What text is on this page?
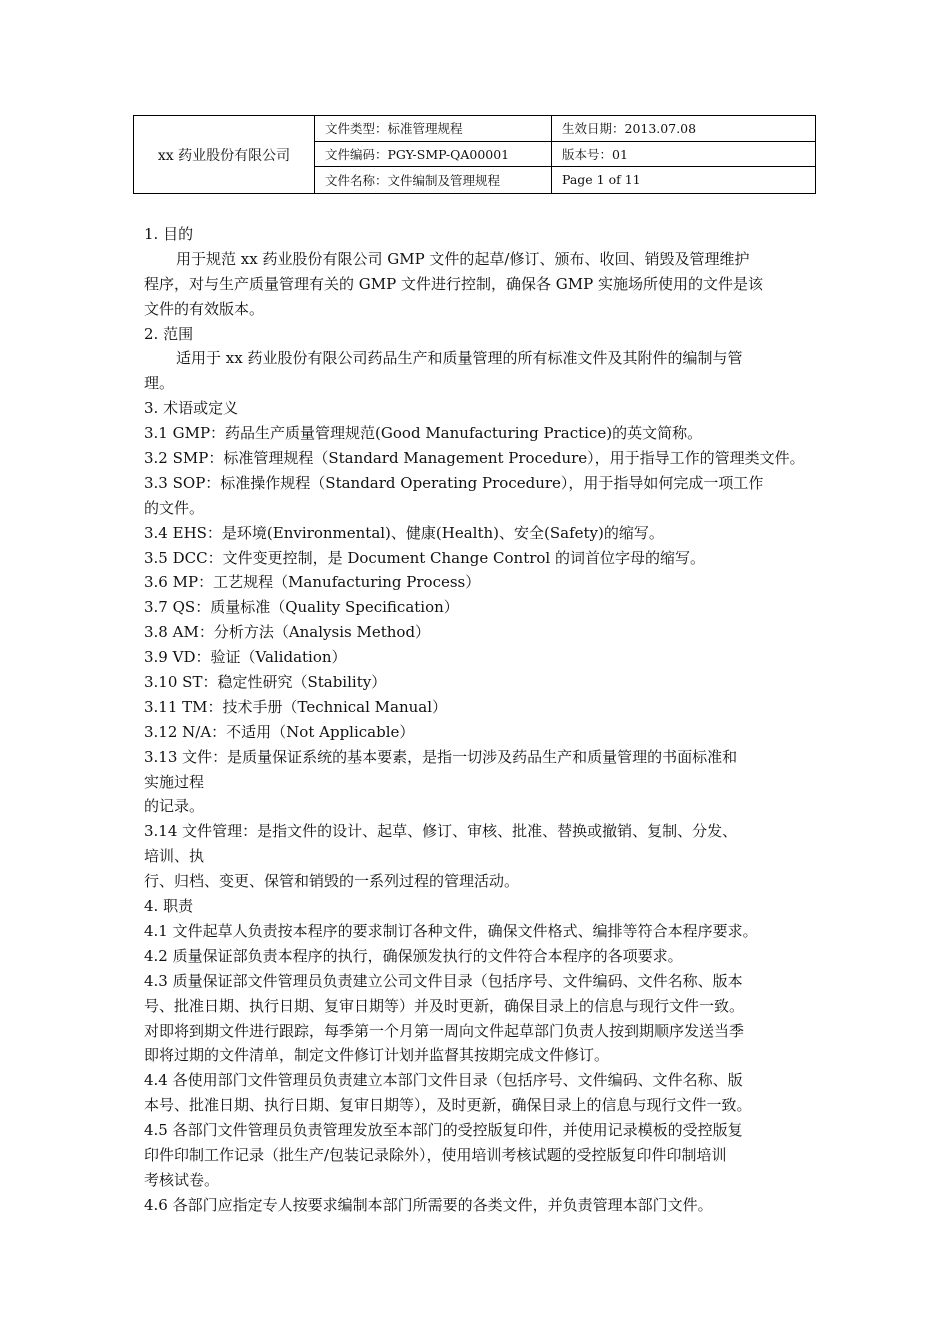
xx 药业股份有限公司
文件类型：标准管理规程	生效日期：2013.07.08
文件编码：PGY-SMP-QA00001	版本号：01
文件名称：文件编制及管理规程	Page 1 of 11
1. 目的
用于规范 xx 药业股份有限公司 GMP 文件的起草/修订、颁布、收回、销毁及管理维护
程序，对与生产质量管理有关的 GMP 文件进行控制，确保各 GMP 实施场所使用的文件是该
文件的有效版本。
2. 范围
适用于 xx 药业股份有限公司药品生产和质量管理的所有标准文件及其附件的编制与管
理。
3. 术语或定义
3.1 GMP：药品生产质量管理规范(Good Manufacturing Practice)的英文简称。
3.2 SMP：标准管理规程（Standard Management Procedure），用于指导工作的管理类文件。
3.3 SOP：标准操作规程（Standard Operating Procedure），用于指导如何完成一项工作
的文件。
3.4 EHS：是环境(Environmental)、健康(Health)、安全(Safety)的缩写。
3.5 DCC：文件变更控制，是 Document Change Control 的词首位字母的缩写。
3.6 MP：工艺规程（Manufacturing Process）
3.7 QS：质量标准（Quality Specification）
3.8 AM：分析方法（Analysis Method）
3.9 VD：验证（Validation）
3.10 ST：稳定性研究（Stability）
3.11 TM：技术手册（Technical Manual）
3.12 N/A：不适用（Not Applicable）
3.13 文件：是质量保证系统的基本要素，是指一切涉及药品生产和质量管理的书面标准和
实施过程
的记录。
3.14 文件管理：是指文件的设计、起草、修订、审核、批准、替换或撤销、复制、分发、
培训、执
行、归档、变更、保管和销毁的一系列过程的管理活动。
4. 职责
4.1 文件起草人负责按本程序的要求制订各种文件，确保文件格式、编排等符合本程序要求。
4.2 质量保证部负责本程序的执行，确保颁发执行的文件符合本程序的各项要求。
4.3 质量保证部文件管理员负责建立公司文件目录（包括序号、文件编码、文件名称、版本
号、批准日期、执行日期、复审日期等）并及时更新，确保目录上的信息与现行文件一致。
对即将到期文件进行跟踪，每季第一个月第一周向文件起草部门负责人按到期顺序发送当季
即将过期的文件清单，制定文件修订计划并监督其按期完成文件修订。
4.4 各使用部门文件管理员负责建立本部门文件目录（包括序号、文件编码、文件名称、版
本号、批准日期、执行日期、复审日期等），及时更新，确保目录上的信息与现行文件一致。
4.5 各部门文件管理员负责管理发放至本部门的受控版复印件，并使用记录模板的受控版复
印件印制工作记录（批生产/包装记录除外），使用培训考核试题的受控版复印件印制培训
考核试卷。
4.6 各部门应指定专人按要求编制本部门所需要的各类文件，并负责管理本部门文件。
